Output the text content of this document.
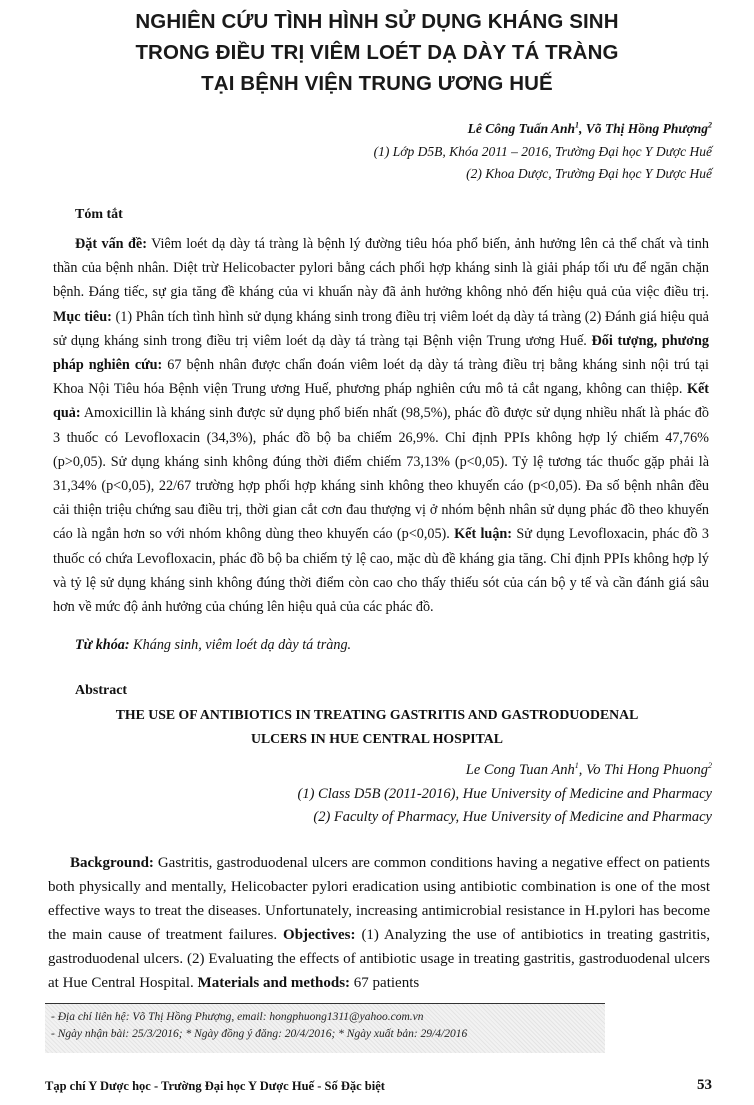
NGHIÊN CỨU TÌNH HÌNH SỬ DỤNG KHÁNG SINH
TRONG ĐIỀU TRỊ VIÊM LOÉT DẠ DÀY TÁ TRÀNG
TẠI BỆNH VIỆN TRUNG ƯƠNG HUẾ
Lê Công Tuấn Anh$^1$, Võ Thị Hồng Phượng$^2$
(1) Lớp D5B, Khóa 2011 – 2016, Trường Đại học Y Dược Huế
(2) Khoa Dược, Trường Đại học Y Dược Huế
Tóm tắt

Đặt vấn đề: Viêm loét dạ dày tá tràng là bệnh lý đường tiêu hóa phổ biến, ảnh hưởng lên cả thể chất và tinh thần của bệnh nhân. Diệt trừ Helicobacter pylori bằng cách phối hợp kháng sinh là giải pháp tối ưu để ngăn chặn bệnh. Đáng tiếc, sự gia tăng đề kháng của vi khuẩn này đã ảnh hưởng không nhỏ đến hiệu quả của việc điều trị. Mục tiêu: (1) Phân tích tình hình sử dụng kháng sinh trong điều trị viêm loét dạ dày tá tràng (2) Đánh giá hiệu quả sử dụng kháng sinh trong điều trị viêm loét dạ dày tá tràng tại Bệnh viện Trung ương Huế. Đối tượng, phương pháp nghiên cứu: 67 bệnh nhân được chẩn đoán viêm loét dạ dày tá tràng điều trị bằng kháng sinh nội trú tại Khoa Nội Tiêu hóa Bệnh viện Trung ương Huế, phương pháp nghiên cứu mô tả cắt ngang, không can thiệp. Kết quả: Amoxicillin là kháng sinh được sử dụng phổ biến nhất (98,5%), phác đồ được sử dụng nhiều nhất là phác đồ 3 thuốc có Levofloxacin (34,3%), phác đồ bộ ba chiếm 26,9%. Chỉ định PPIs không hợp lý chiếm 47,76% (p>0,05). Sử dụng kháng sinh không đúng thời điểm chiếm 73,13% (p<0,05). Tỷ lệ tương tác thuốc gặp phải là 31,34% (p<0,05), 22/67 trường hợp phối hợp kháng sinh không theo khuyến cáo (p<0,05). Đa số bệnh nhân đều cải thiện triệu chứng sau điều trị, thời gian cắt cơn đau thượng vị ở nhóm bệnh nhân sử dụng phác đồ theo khuyến cáo là ngắn hơn so với nhóm không dùng theo khuyến cáo (p<0,05). Kết luận: Sử dụng Levofloxacin, phác đồ 3 thuốc có chứa Levofloxacin, phác đồ bộ ba chiếm tỷ lệ cao, mặc dù đề kháng gia tăng. Chỉ định PPIs không hợp lý và tỷ lệ sử dụng kháng sinh không đúng thời điểm còn cao cho thấy thiếu sót của cán bộ y tế và cần đánh giá sâu hơn về mức độ ảnh hưởng của chúng lên hiệu quả của các phác đồ.

Từ khóa: Kháng sinh, viêm loét dạ dày tá tràng.
Abstract
THE USE OF ANTIBIOTICS IN TREATING GASTRITIS AND GASTRODUODENAL
ULCERS IN HUE CENTRAL HOSPITAL
Le Cong Tuan Anh$^1$, Vo Thi Hong Phuong$^2$
(1) Class D5B (2011-2016), Hue University of Medicine and Pharmacy
(2) Faculty of Pharmacy, Hue University of Medicine and Pharmacy

Background: Gastritis, gastroduodenal ulcers are common conditions having a negative effect on patients both physically and mentally, Helicobacter pylori eradication using antibiotic combination is one of the most effective ways to treat the diseases. Unfortunately, increasing antimicrobial resistance in H.pylori has become the main cause of treatment failures. Objectives: (1) Analyzing the use of antibiotics in treating gastritis, gastroduodenal ulcers. (2) Evaluating the effects of antibiotic usage in treating gastritis, gastroduodenal ulcers at Hue Central Hospital. Materials and methods: 67 patients

- Địa chỉ liên hệ: Võ Thị Hồng Phượng, email: hongphuong1311@yahoo.com.vn
- Ngày nhận bài: 25/3/2016; * Ngày đồng ý đăng: 20/4/2016; * Ngày xuất bản: 29/4/2016
Tạp chí Y Dược học - Trường Đại học Y Dược Huế - Số Đặc biệt	53
